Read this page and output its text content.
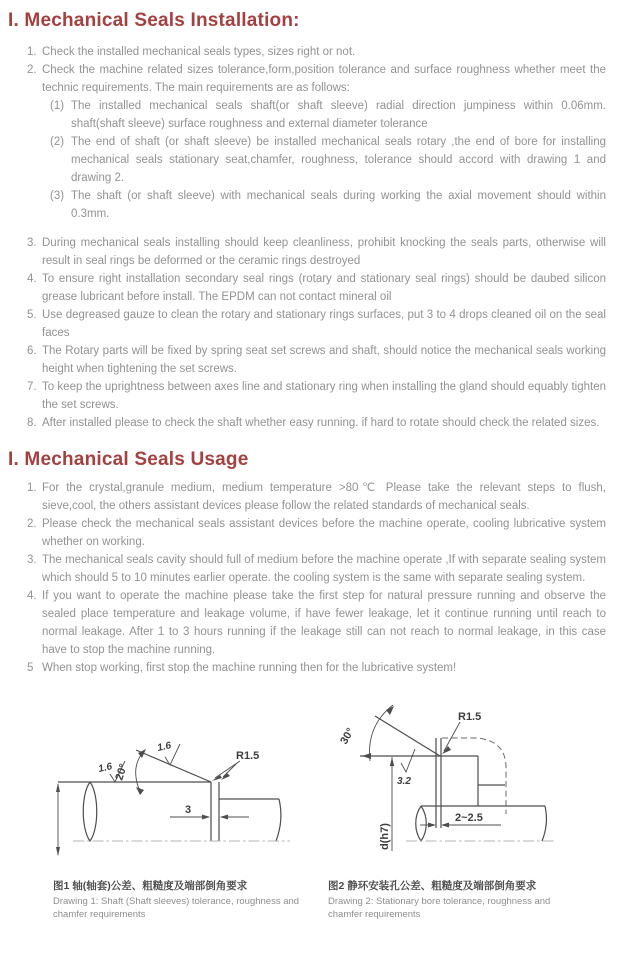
I. Mechanical Seals Installation:
1. Check the installed mechanical seals types, sizes right or not.
2. Check the machine related sizes tolerance,form,position tolerance and surface roughness whether meet the technic requirements. The main requirements are as follows:
(1) The installed mechanical seals shaft(or shaft sleeve) radial direction jumpiness within 0.06mm. shaft(shaft sleeve) surface roughness and external diameter tolerance
(2) The end of shaft (or shaft sleeve) be installed mechanical seals rotary ,the end of bore for installing mechanical seals stationary seat,chamfer, roughness, tolerance should accord with drawing 1 and drawing 2.
(3) The shaft (or shaft sleeve) with mechanical seals during working the axial movement should within 0.3mm.
3. During mechanical seals installing should keep cleanliness, prohibit knocking the seals parts, otherwise will result in seal rings be deformed or the ceramic rings destroyed
4. To ensure right installation secondary seal rings (rotary and stationary seal rings) should be daubed silicon grease lubricant before install. The EPDM can not contact mineral oil
5. Use degreased gauze to clean the rotary and stationary rings surfaces, put 3 to 4 drops cleaned oil on the seal faces
6. The Rotary parts will be fixed by spring seat set screws and shaft, should notice the mechanical seals working height when tightening the set screws.
7. To keep the uprightness between axes line and stationary ring when installing the gland should equably tighten the set screws.
8. After installed please to check the shaft whether easy running. if hard to rotate should check the related sizes.
I. Mechanical Seals Usage
1. For the crystal,granule medium, medium temperature >80℃ Please take the relevant steps to flush, sieve,cool, the others assistant devices please follow the related standards of mechanical seals.
2. Please check the mechanical seals assistant devices before the machine operate, cooling lubricative system whether on working.
3. The mechanical seals cavity should full of medium before the machine operate ,If with separate sealing system which should 5 to 10 minutes earlier operate. the cooling system is the same with separate sealing system.
4. If you want to operate the machine please take the first step for natural pressure running and observe the sealed place temperature and leakage volume, if have fewer leakage, let it continue running until reach to normal leakage. After 1 to 3 hours running if the leakage still can not reach to normal leakage, in this case have to stop the machine running.
5 When stop working, first stop the machine running then for the lubricative system!
1.6
1.6
20°
R1.5
3
图1 轴(轴套)公差、粗糙度及端部倒角要求
Drawing 1: Shaft (Shaft sleeves) tolerance, roughness and chamfer requirements
30°
R1.5
3.2
d(h7)
2~2.5
图2 静环安装孔公差、粗糙度及端部倒角要求
Drawing 2: Stationary bore tolerance, roughness and chamfer requirements
